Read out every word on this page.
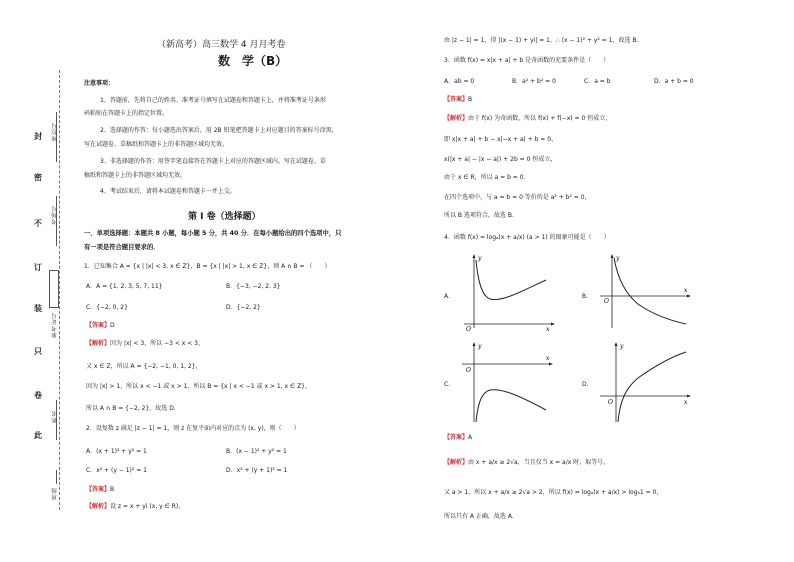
封
密
不
订
装
只
卷
此
座位号
考场号
准考证号
姓名
班级
（新高考）高三数学 4 月月考卷
数　学（B）
注意事项：
1、答题前，先将自己的姓名、准考证号填写在试题卷和答题卡上，并将准考证号条形
码粘贴在答题卡上的指定位置。
2、选择题的作答：每小题选出答案后，用 2B 铅笔把答题卡上对应题目的答案标号涂黑，
写在试题卷、草稿纸和答题卡上的非答题区域均无效。
3、非选择题的作答：用签字笔直接答在答题卡上对应的答题区域内。写在试题卷、草
稿纸和答题卡上的非答题区域均无效。
4、考试结束后，请将本试题卷和答题卡一并上交。
第 I 卷（选择题）
一、单项选择题：本题共 8 小题，每小题 5 分，共 40 分．在每小题给出的四个选项中，只
有一项是符合题目要求的．
1．已知集合 A = {x | |x| < 3, x ∈ Z}，B = {x | |x| > 1, x ∈ Z}，则 A ∩ B = （　　）
A．A = {1, 2, 3, 5, 7, 11}	B．{−3, −2, 2, 3}
C．{−2, 0, 2}	D．{−2, 2}
【答案】D
【解析】因为 |x| < 3，所以 −3 < x < 3，
又 x ∈ Z，所以 A = {−2, −1, 0, 1, 2}，
因为 |x| > 1，所以 x < −1 或 x > 1，所以 B = {x | x < −1 或 x > 1, x ∈ Z}，
所以 A ∩ B = {−2, 2}，故选 D．
2．设复数 z 满足 |z − 1| = 1，则 z 在复平面内对应的点为 (x, y)，则（　　）
A．(x + 1)² + y² = 1	B．(x − 1)² + y² = 1
C．x² + (y − 1)² = 1	D．x² + (y + 1)² = 1
【答案】B
【解析】设 z = x + yi (x, y ∈ R)，
由 |z − 1| = 1，得 |(x − 1) + yi| = 1，∴ (x − 1)² + y² = 1，故选 B．
3．函数 f(x) = x|x + a| + b 是奇函数的充要条件是（　　）
A．ab = 0	B．a² + b² = 0	C．a = b	D．a + b = 0
【答案】B
【解析】由于 f(x) 为奇函数，所以 f(x) + f(−x) = 0 恒成立，
即 x|x + a| + b − x|−x + a| + b = 0，
x(|x + a| − |x − a|) + 2b = 0 恒成立，
由于 x ∈ R，所以 a = b = 0．
在四个选项中，与 a = b = 0 等价的是 a² + b² = 0，
所以 B 选项符合，故选 B．
4．函数 f(x) = logₐ(x + a/x) (a > 1) 的图象可能是（　　）
A．	B．
C．	D．
y
x
O
y
x
O
y
x
O
y
x
O
【答案】A
【解析】由 x + a/x ≥ 2√a，当且仅当 x = a/x 时，取等号，
又 a > 1，所以 x + a/x ≥ 2√a > 2，所以 f(x) = logₐ(x + a/x) > logₐ1 = 0，
所以只有 A 正确，故选 A．
